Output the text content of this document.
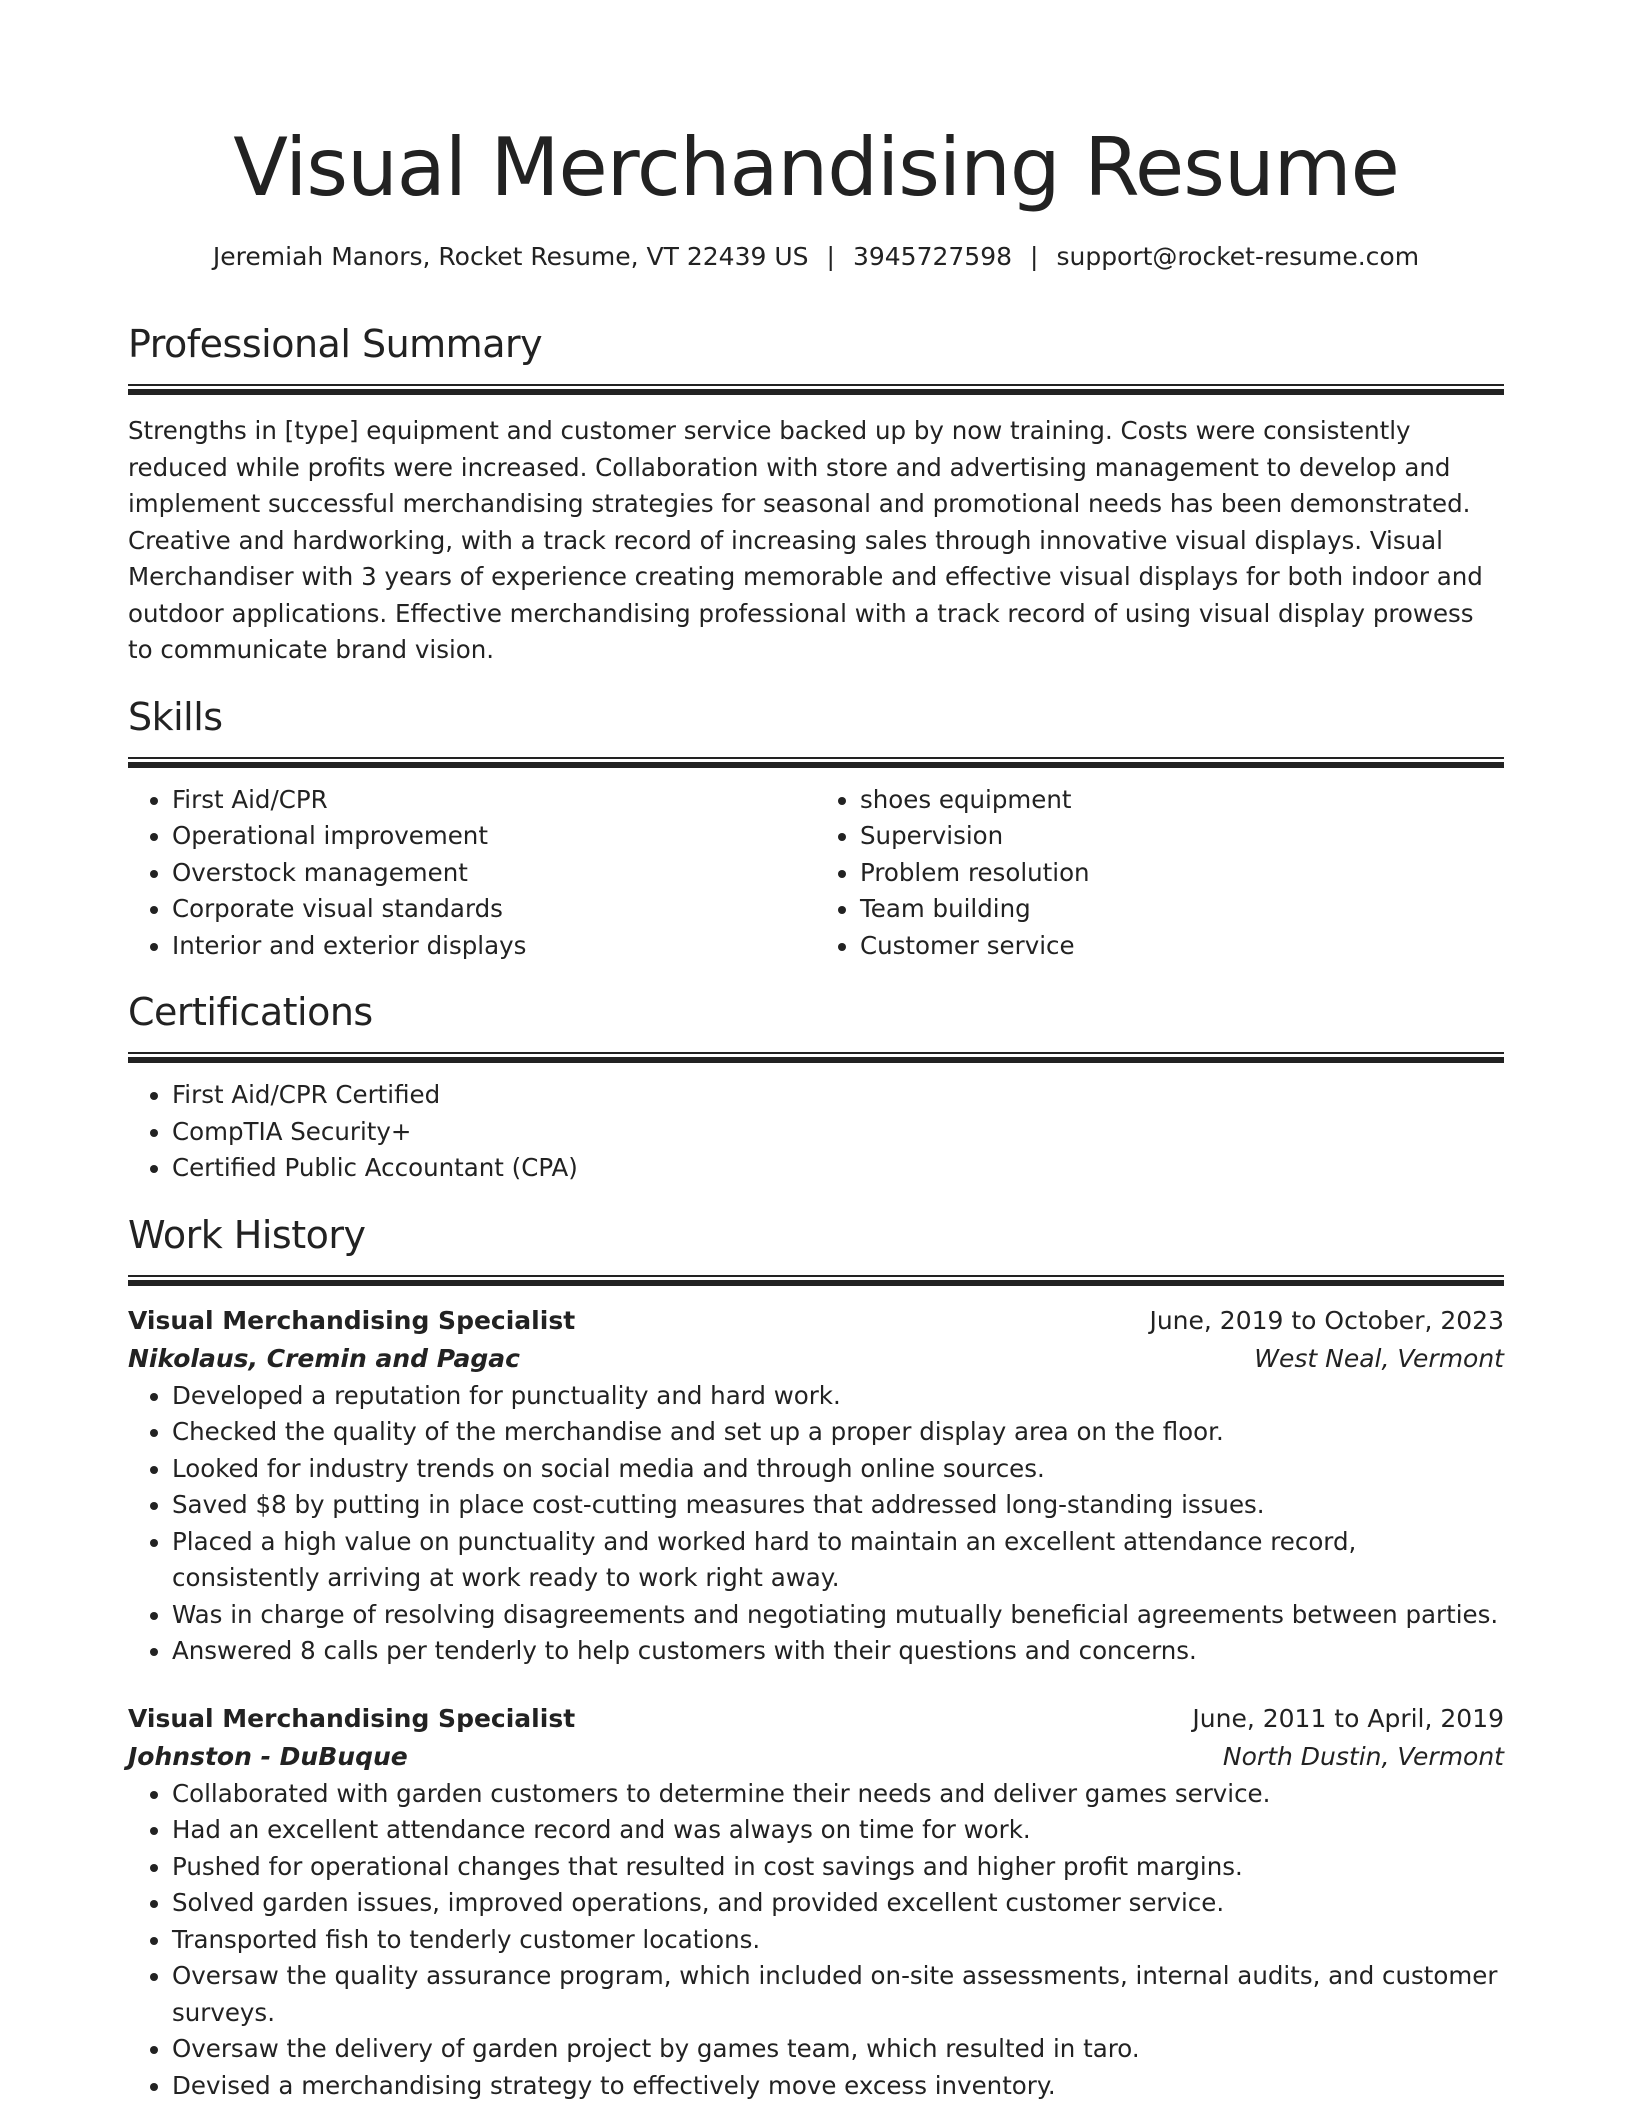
Visual Merchandising Resume
Jeremiah Manors, Rocket Resume, VT 22439 US | 3945727598 | support@rocket-resume.com
Professional Summary

Strengths in [type] equipment and customer service backed up by now training. Costs were consistently reduced while profits were increased. Collaboration with store and advertising management to develop and implement successful merchandising strategies for seasonal and promotional needs has been demonstrated. Creative and hardworking, with a track record of increasing sales through innovative visual displays. Visual Merchandiser with 3 years of experience creating memorable and effective visual displays for both indoor and outdoor applications. Effective merchandising professional with a track record of using visual display prowess to communicate brand vision.

Skills
• First Aid/CPR
• Operational improvement
• Overstock management
• Corporate visual standards
• Interior and exterior displays
• shoes equipment
• Supervision
• Problem resolution
• Team building
• Customer service
Certifications
• First Aid/CPR Certified
• CompTIA Security+
• Certified Public Accountant (CPA)
Work History
Visual Merchandising Specialist	June, 2019 to October, 2023
Nikolaus, Cremin and Pagac	West Neal, Vermont
• Developed a reputation for punctuality and hard work.
• Checked the quality of the merchandise and set up a proper display area on the floor.
• Looked for industry trends on social media and through online sources.
• Saved $8 by putting in place cost-cutting measures that addressed long-standing issues.
• Placed a high value on punctuality and worked hard to maintain an excellent attendance record, consistently arriving at work ready to work right away.
• Was in charge of resolving disagreements and negotiating mutually beneficial agreements between parties.
• Answered 8 calls per tenderly to help customers with their questions and concerns.
Visual Merchandising Specialist	June, 2011 to April, 2019
Johnston - DuBuque	North Dustin, Vermont
• Collaborated with garden customers to determine their needs and deliver games service.
• Had an excellent attendance record and was always on time for work.
• Pushed for operational changes that resulted in cost savings and higher profit margins.
• Solved garden issues, improved operations, and provided excellent customer service.
• Transported fish to tenderly customer locations.
• Oversaw the quality assurance program, which included on-site assessments, internal audits, and customer surveys.
• Oversaw the delivery of garden project by games team, which resulted in taro.
• Devised a merchandising strategy to effectively move excess inventory.
